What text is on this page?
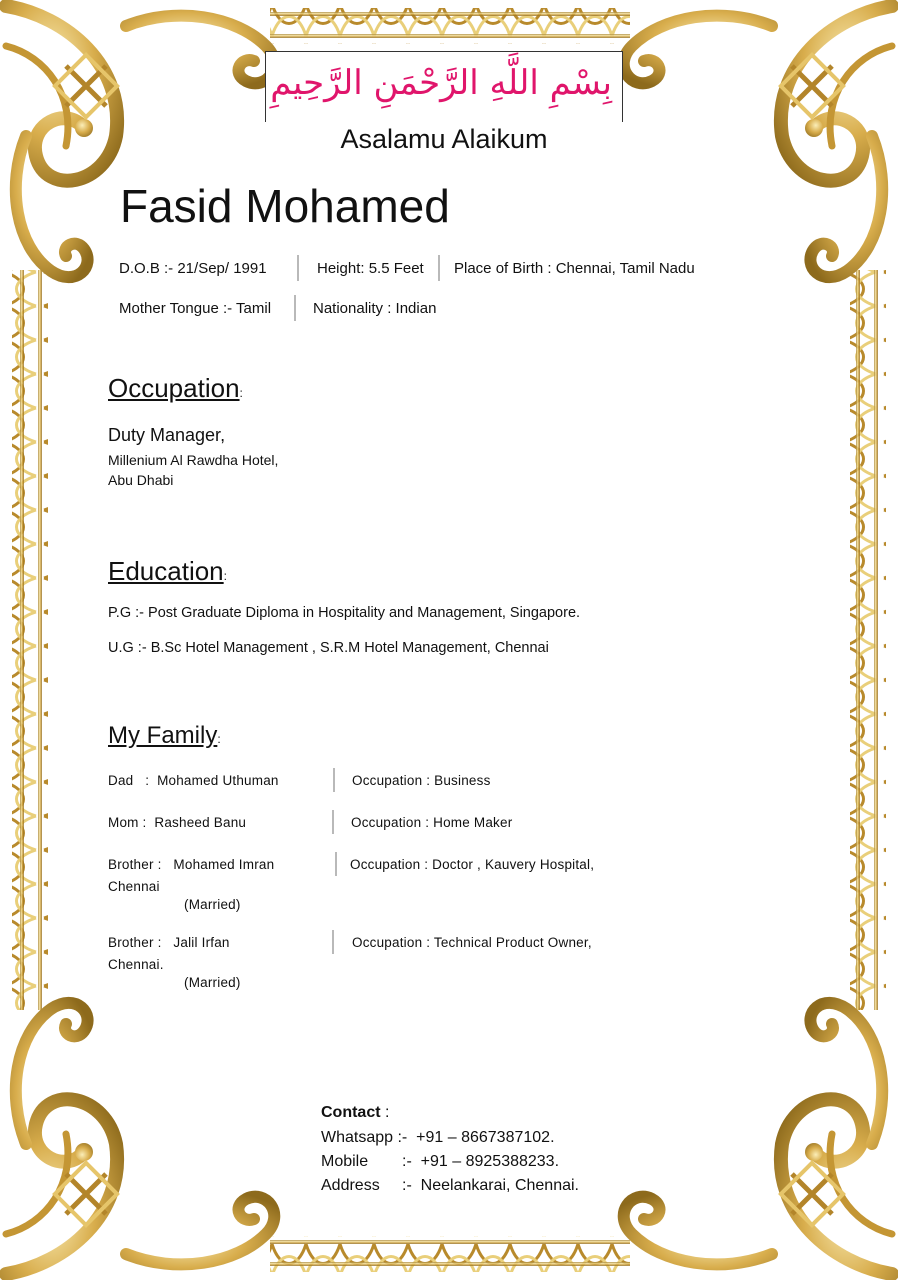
بِسْمِ اللَّهِ الرَّحْمَنِ الرَّحِيمِ
Asalamu Alaikum
Fasid Mohamed
D.O.B :- 21/Sep/ 1991	Height: 5.5 Feet Place of Birth : Chennai, Tamil Nadu
Mother Tongue :- Tamil	Nationality : Indian
Occupation:
Duty Manager,
Millenium Al Rawdha Hotel,
Abu Dhabi
Education:
P.G :- Post Graduate Diploma in Hospitality and Management, Singapore.
U.G :- B.Sc Hotel Management , S.R.M Hotel Management, Chennai
My Family:
Dad   :  Mohamed Uthuman	Occupation : Business
Mom :  Rasheed Banu	Occupation : Home Maker
Brother :   Mohamed Imran	Occupation : Doctor , Kauvery Hospital,
Chennai
(Married)
Brother :   Jalil Irfan	Occupation : Technical Product Owner,
Chennai.
(Married)
Contact :
Whatsapp :-  +91 – 8667387102.
Mobile :-  +91 – 8925388233.
Address :-  Neelankarai, Chennai.
